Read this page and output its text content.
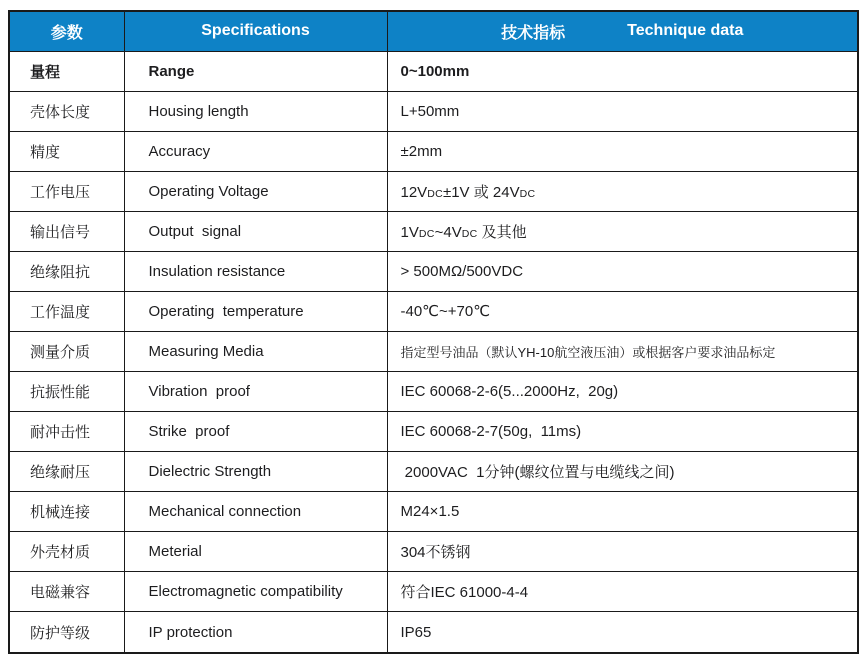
参数	Specifications	技术指标 Technique data

量程	Range	0~100mm
壳体长度	Housing length	L+50mm
精度	Accuracy	±2mm
工作电压	Operating Voltage	12VDC±1V 或 24VDC
输出信号	Output  signal	1VDC~4VDC 及其他
绝缘阻抗	Insulation resistance	> 500MΩ/500VDC
工作温度	Operating  temperature	-40℃~+70℃
测量介质	Measuring Media	指定型号油品（默认YH-10航空液压油）或根据客户要求油品标定
抗振性能	Vibration  proof	IEC 60068-2-6(5...2000Hz,  20g)
耐冲击性	Strike  proof	IEC 60068-2-7(50g,  11ms)
绝缘耐压	Dielectric Strength	2000VAC  1分钟(螺纹位置与电缆线之间)
机械连接	Mechanical connection	M24×1.5
外壳材质	Meterial	304不锈钢
电磁兼容	Electromagnetic compatibility	符合IEC 61000-4-4
防护等级	IP protection	IP65
